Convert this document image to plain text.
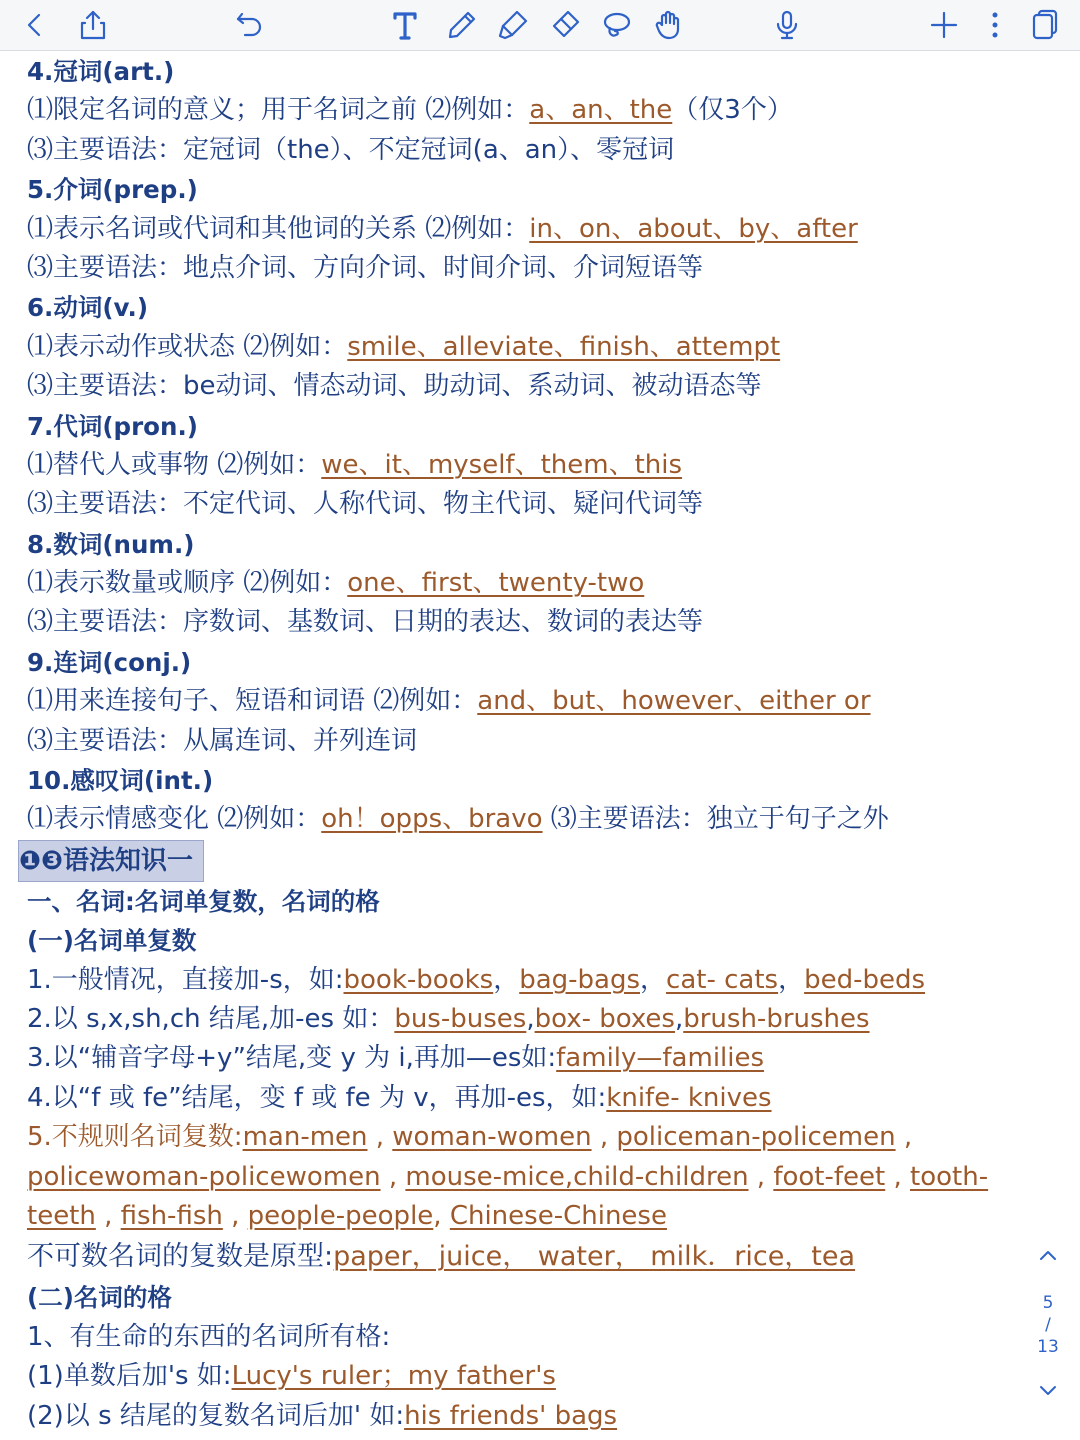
4.冠词(art.)
⑴限定名词的意义；用于名词之前 ⑵例如：a、an、the（仅3个）
⑶主要语法：定冠词（the）、不定冠词(a、an）、零冠词
5.介词(prep.)
⑴表示名词或代词和其他词的关系 ⑵例如：in、on、about、by、after
⑶主要语法：地点介词、方向介词、时间介词、介词短语等
6.动词(v.)
⑴表示动作或状态 ⑵例如：smile、alleviate、finish、attempt
⑶主要语法：be动词、情态动词、助动词、系动词、被动语态等
7.代词(pron.)
⑴替代人或事物 ⑵例如：we、it、myself、them、this
⑶主要语法：不定代词、人称代词、物主代词、疑问代词等
8.数词(num.)
⑴表示数量或顺序 ⑵例如：one、first、twenty-two
⑶主要语法：序数词、基数词、日期的表达、数词的表达等
9.连词(conj.)
⑴用来连接句子、短语和词语 ⑵例如：and、but、however、either or
⑶主要语法：从属连词、并列连词
10.感叹词(int.)
⑴表示情感变化 ⑵例如：oh！opps、bravo ⑶主要语法：独立于句子之外
❶❸语法知识一
一、名词:名词单复数，名词的格
(一)名词单复数
1.一般情况，直接加-s，如:book-books，bag-bags，cat- cats，bed-beds
2.以 s,x,sh,ch 结尾,加-es 如：bus-buses,box- boxes,brush-brushes
3.以“辅音字母+y”结尾,变 y 为 i,再加—es如:family—families
4.以“f 或 fe”结尾，变 f 或 fe 为 v，再加-es，如:knife- knives
5.不规则名词复数:man-men , woman-women , policeman-policemen ,
policewoman-policewomen , mouse-mice,child-children , foot-feet , tooth-
teeth , fish-fish , people-people, Chinese-Chinese
不可数名词的复数是原型:paper，juice， water， milk．rice，tea
(二)名词的格
1、有生命的东西的名词所有格:
(1)单数后加's 如:Lucy's ruler；my father's
(2)以 s 结尾的复数名词后加' 如:his friends' bags
5
/
13
